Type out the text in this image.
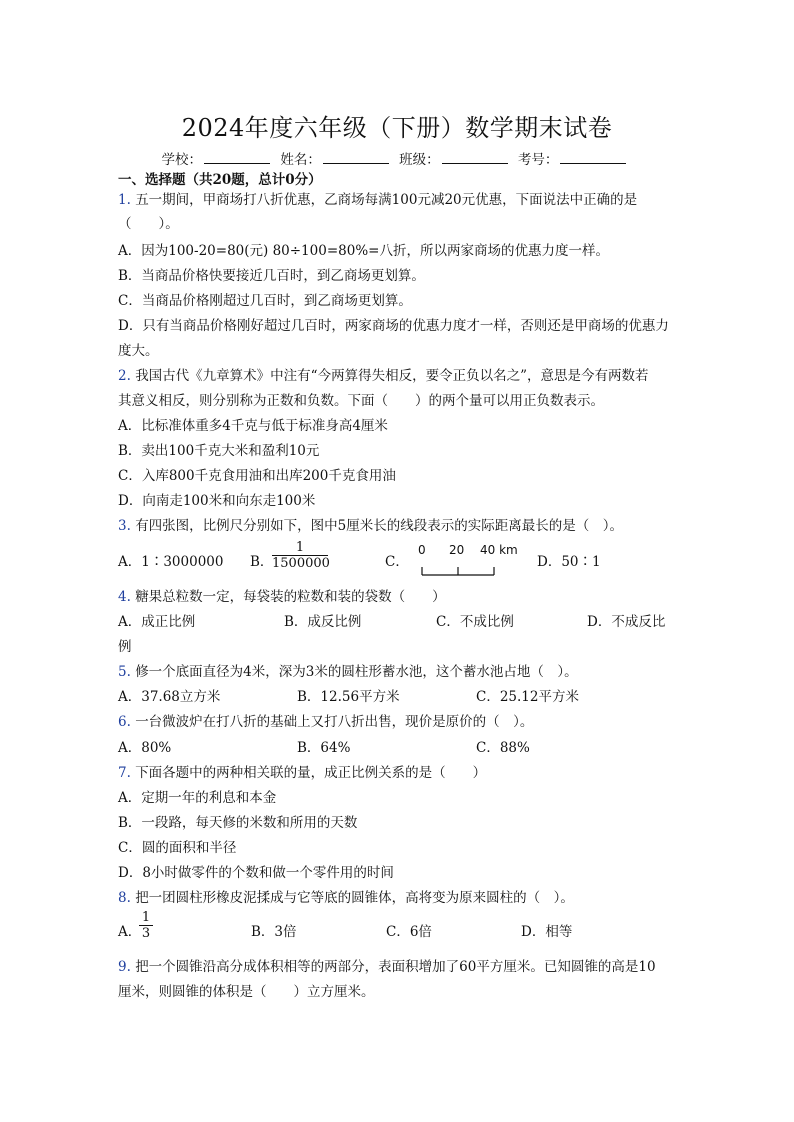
2024年度六年级（下册）数学期末试卷
学校：	姓名：	班级：	考号：
一、选择题（共20题，总计0分）
1. 五一期间，甲商场打八折优惠，乙商场每满100元减20元优惠，下面说法中正确的是
（　　）。
A．因为100-20=80(元) 80÷100=80%=八折，所以两家商场的优惠力度一样。
B．当商品价格快要接近几百时，到乙商场更划算。
C．当商品价格刚超过几百时，到乙商场更划算。
D．只有当商品价格刚好超过几百时，两家商场的优惠力度才一样，否则还是甲商场的优惠力
度大。
2. 我国古代《九章算术》中注有“今两算得失相反，要令正负以名之”，意思是今有两数若
其意义相反，则分别称为正数和负数。下面（　　）的两个量可以用正负数表示。
A．比标准体重多4千克与低于标准身高4厘米
B．卖出100千克大米和盈利10元
C．入库800千克食用油和出库200千克食用油
D．向南走100米和向东走100米
3. 有四张图，比例尺分别如下，图中5厘米长的线段表示的实际距离最长的是（　）。
A．1∶3000000 B．
1
1500000	C．
0 20 40 km
D．50∶1
4. 糖果总粒数一定，每袋装的粒数和装的袋数（　　）
A．成正比例	B．成反比例	C．不成比例	D．不成反比
例
5. 修一个底面直径为4米，深为3米的圆柱形蓄水池，这个蓄水池占地（　）。
A．37.68立方米	B．12.56平方米	C．25.12平方米
6. 一台微波炉在打八折的基础上又打八折出售，现价是原价的（　）。
A．80%	B．64%	C．88%
7. 下面各题中的两种相关联的量，成正比例关系的是（　　）
A．定期一年的利息和本金
B．一段路，每天修的米数和所用的天数
C．圆的面积和半径
D．8小时做零件的个数和做一个零件用的时间
8. 把一团圆柱形橡皮泥揉成与它等底的圆锥体，高将变为原来圆柱的（　）。
A．
1
3	B．3倍	C．6倍	D．相等
9. 把一个圆锥沿高分成体积相等的两部分，表面积增加了60平方厘米。已知圆锥的高是10
厘米，则圆锥的体积是（　　）立方厘米。
